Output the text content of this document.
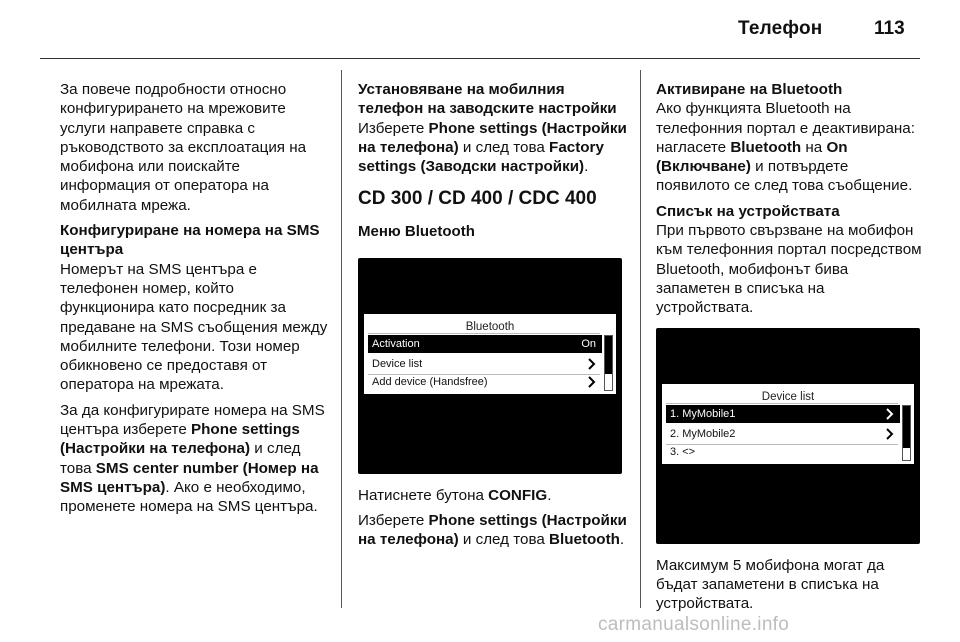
Телефон	113

За повече подробности относно конфигурирането на мрежовите услуги направете справка с ръководството за експлоатация на мобифона или поискайте информация от оператора на мобилната мрежа.

Конфигуриране на номера на SMS центъра
Номерът на SMS центъра е телефонен номер, който функционира като посредник за предаване на SMS съобщения между мобилните телефони. Този номер обикновено се предоставя от оператора на мрежата.

За да конфигурирате номера на SMS центъра изберете Phone settings (Настройки на телефона) и след това SMS center number (Номер на SMS центъра). Ако е необходимо, променете номера на SMS центъра.

Установяване на мобилния телефон на заводските настройки
Изберете Phone settings (Настройки на телефона) и след това Factory settings (Заводски настройки).

CD 300 / CD 400 / CDC 400
Меню Bluetooth
Bluetooth
Activation	On
Device list
Add device (Handsfree)

Натиснете бутона CONFIG.

Изберете Phone settings (Настройки на телефона) и след това Bluetooth.

Активиране на Bluetooth
Ако функцията Bluetooth на телефонния портал е деактивирана: нагласете Bluetooth на On (Включване) и потвърдете появилото се след това съобщение.

Списък на устройствата
При първото свързване на мобифон към телефонния портал посредством Bluetooth, мобифонът бива запаметен в списъка на устройствата.

Device list
1. MyMobile1
2. MyMobile2
3. <>

Максимум 5 мобифона могат да бъдат запаметени в списъка на устройствата.

carmanualsonline.info
